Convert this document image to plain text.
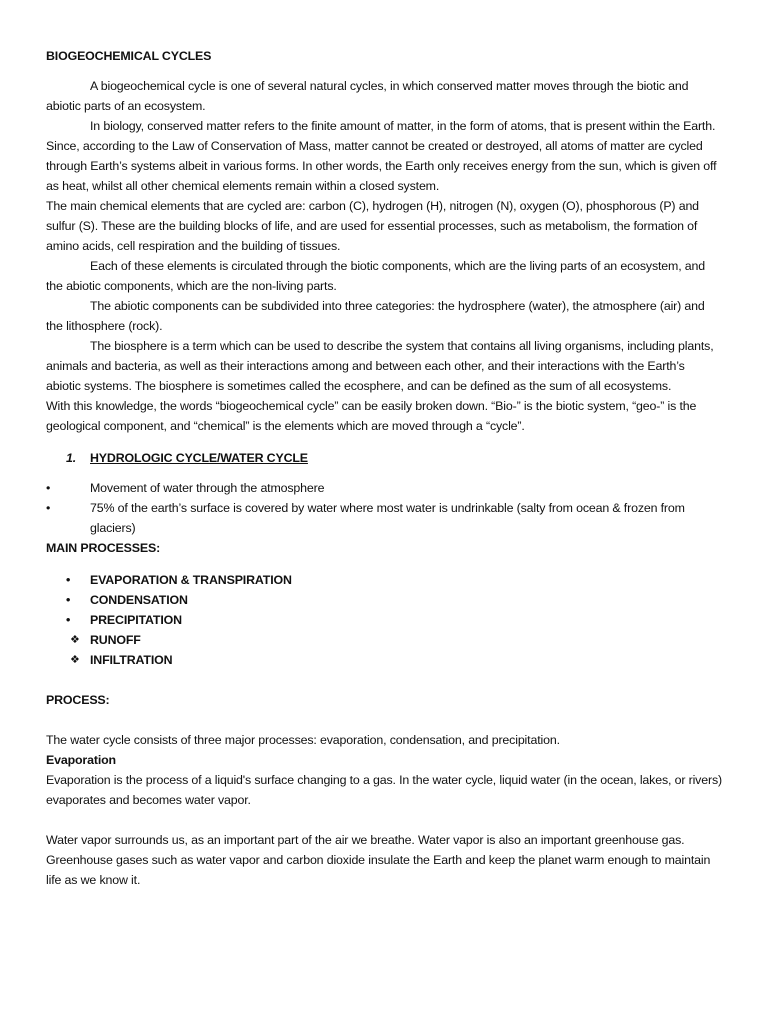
BIOGEOCHEMICAL CYCLES

A biogeochemical cycle is one of several natural cycles, in which conserved matter moves through the biotic and abiotic parts of an ecosystem.

In biology, conserved matter refers to the finite amount of matter, in the form of atoms, that is present within the Earth. Since, according to the Law of Conservation of Mass, matter cannot be created or destroyed, all atoms of matter are cycled through Earth’s systems albeit in various forms. In other words, the Earth only receives energy from the sun, which is given off as heat, whilst all other chemical elements remain within a closed system.

The main chemical elements that are cycled are: carbon (C), hydrogen (H), nitrogen (N), oxygen (O), phosphorous (P) and sulfur (S). These are the building blocks of life, and are used for essential processes, such as metabolism, the formation of amino acids, cell respiration and the building of tissues.

Each of these elements is circulated through the biotic components, which are the living parts of an ecosystem, and the abiotic components, which are the non-living parts.

The abiotic components can be subdivided into three categories: the hydrosphere (water), the atmosphere (air) and the lithosphere (rock).

The biosphere is a term which can be used to describe the system that contains all living organisms, including plants, animals and bacteria, as well as their interactions among and between each other, and their interactions with the Earth’s abiotic systems. The biosphere is sometimes called the ecosphere, and can be defined as the sum of all ecosystems.

With this knowledge, the words “biogeochemical cycle” can be easily broken down. “Bio-” is the biotic system, “geo-” is the geological component, and “chemical” is the elements which are moved through a “cycle”.

1.	HYDROLOGIC CYCLE/WATER CYCLE
•	Movement of water through the atmosphere
•	75% of the earth’s surface is covered by water where most water is undrinkable (salty from ocean & frozen from glaciers)
MAIN PROCESSES:
•	EVAPORATION & TRANSPIRATION
•	CONDENSATION
•	PRECIPITATION
❖ RUNOFF
❖ INFILTRATION
PROCESS:

The water cycle consists of three major processes: evaporation, condensation, and precipitation.

Evaporation

Evaporation is the process of a liquid's surface changing to a gas. In the water cycle, liquid water (in the ocean, lakes, or rivers) evaporates and becomes water vapor.

Water vapor surrounds us, as an important part of the air we breathe. Water vapor is also an important greenhouse gas. Greenhouse gases such as water vapor and carbon dioxide insulate the Earth and keep the planet warm enough to maintain life as we know it.
